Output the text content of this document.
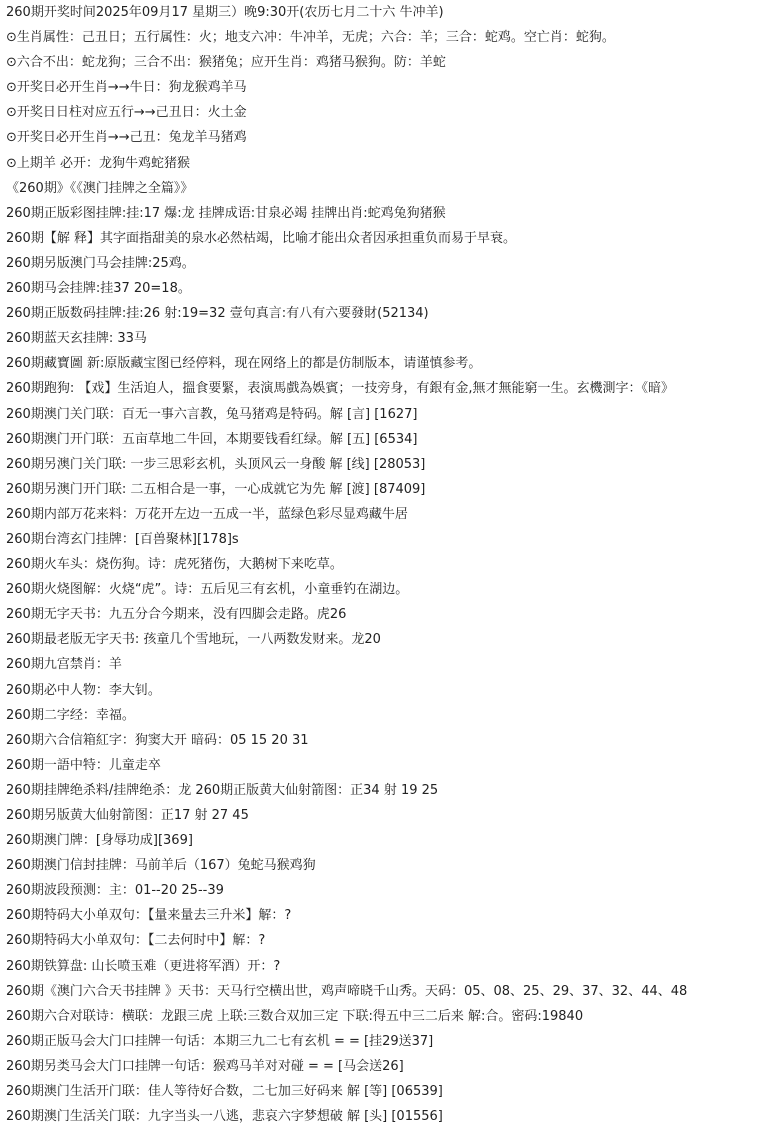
260期开奖时间2025年09月17 星期三）晚9:30开(农历七月二十六 牛冲羊)
⊙生肖属性：己丑日；五行属性：火；地支六冲：牛冲羊，无虎；六合：羊；三合：蛇鸡。空亡肖：蛇狗。
⊙六合不出：蛇龙狗；三合不出：猴猪兔；应开生肖：鸡猪马猴狗。防：羊蛇
⊙开奖日必开生肖→→牛日：狗龙猴鸡羊马
⊙开奖日日柱对应五行→→己丑日：火土金
⊙开奖日必开生肖→→己丑：兔龙羊马猪鸡
⊙上期羊 必开：龙狗牛鸡蛇猪猴
《260期》《《澳门挂牌之全篇》》
260期正版彩图挂牌:挂:17 爆:龙 挂牌成语:甘泉必竭 挂牌出肖:蛇鸡兔狗猪猴
260期【解 释】其字面指甜美的泉水必然枯竭，比喻才能出众者因承担重负而易于早衰。
260期另版澳门马会挂牌:25鸡。
260期马会挂牌:挂37 20=18。
260期正版数码挂牌:挂:26 射:19=32 壹句真言:有八有六要發財(52134)
260期蓝天玄挂牌: 33马
260期藏寶圖 新:原版藏宝图已经停料，现在网络上的都是仿制版本，请谨慎参考。
260期跑狗: 【戏】生活迫人，搵食要緊，表演馬戲為娛賓；一技旁身，有銀有金,無才無能窮一生。玄機測字：《暗》
260期澳门关门联：百无一事六言教，兔马猪鸡是特码。解 [言] [1627]
260期澳门开门联：五亩草地二牛回，本期要钱看红绿。解 [五] [6534]
260期另澳门关门联: 一步三思彩玄机，头顶风云一身酸 解 [线] [28053]
260期另澳门开门联: 二五相合是一事，一心成就它为先 解 [渡] [87409]
260期内部万花来料：万花开左边一五成一半，蓝绿色彩尽显鸡藏牛居
260期台湾玄门挂牌：[百兽聚林][178]s
260期火车头：烧伤狗。诗：虎死猪伤，大鹅树下来吃草。
260期火烧图解：火烧“虎”。诗：五后见三有玄机，小童垂钓在湖边。
260期无字天书：九五分合今期来，没有四脚会走路。虎26
260期最老版无字天书: 孩童几个雪地玩，一八两数发财来。龙20
260期九宫禁肖：羊
260期必中人物：李大钊。
260期二字经：幸福。
260期六合信箱紅字：狗窦大开 暗码：05 15 20 31
260期一語中特：儿童走卒
260期挂牌绝杀料/挂牌绝杀：龙 260期正版黄大仙射箭图：正34 射 19 25
260期另版黄大仙射箭图：正17 射 27 45
260期澳门牌：[身辱功成][369]
260期澳门信封挂牌：马前羊后（167）兔蛇马猴鸡狗
260期波段预测：主：01--20 25--39
260期特码大小单双句：【量来量去三升米】解：?
260期特码大小单双句：【二去何时中】解：?
260期铁算盘: 山长喷玉难（更进将军酒）开：?
260期《澳门六合天书挂牌 》天书：天马行空横出世，鸡声啼晓千山秀。天码：05、08、25、29、37、32、44、48
260期六合对联诗：横联：龙跟三虎 上联:三数合双加三定 下联:得五中三二后来 解:合。密码:19840
260期正版马会大门口挂牌一句话：本期三九二七有玄机 = = [挂29送37]
260期另类马会大门口挂牌一句话：猴鸡马羊对对碰 = = [马会送26]
260期澳门生活开门联：佳人等待好合数，二七加三好码来 解 [等] [06539]
260期澳门生活关门联：九字当头一八逃，悲哀六字梦想破 解 [头] [01556]
